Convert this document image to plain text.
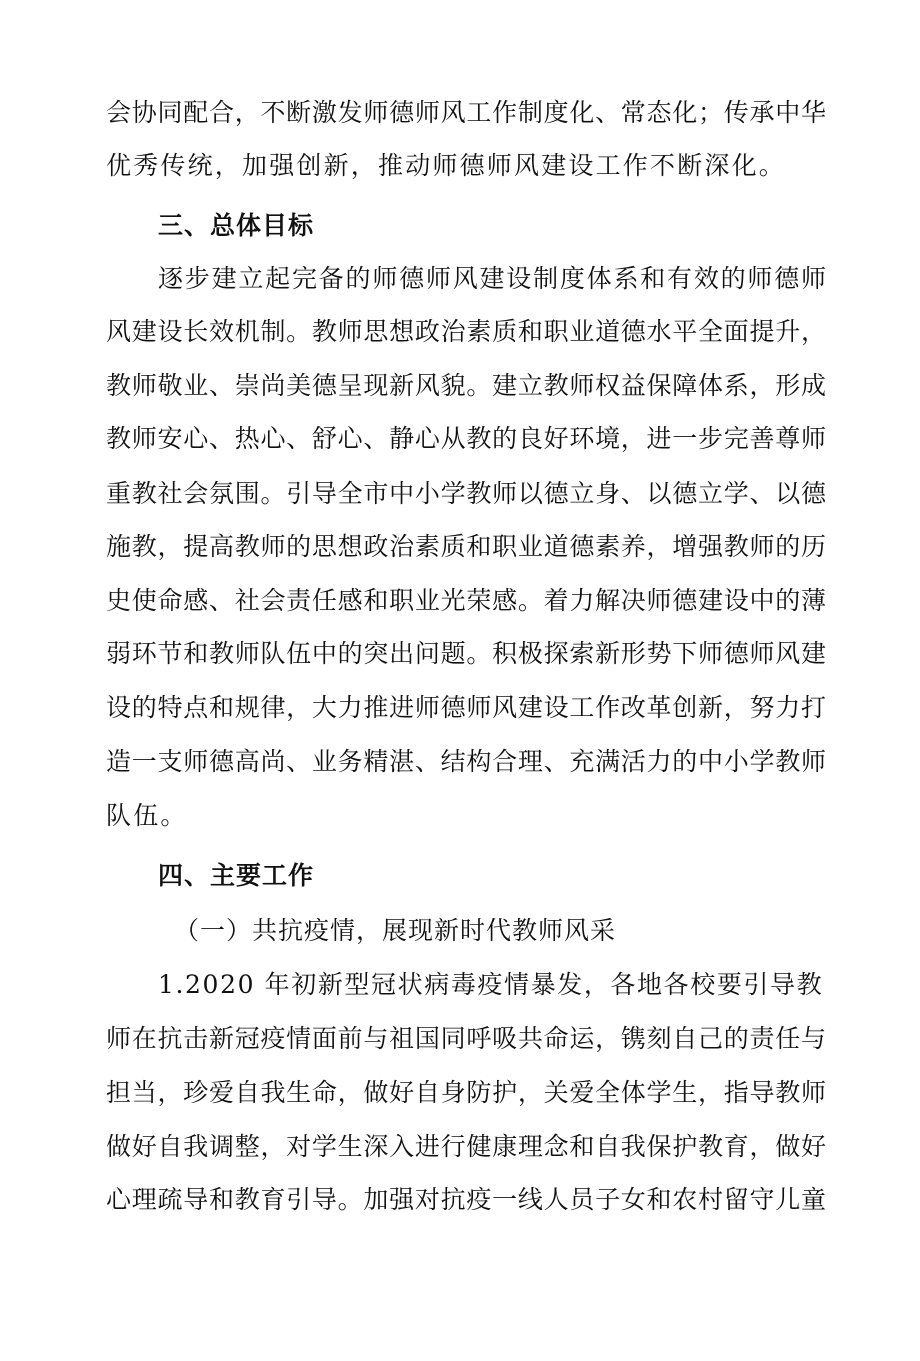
会协同配合，不断激发师德师风工作制度化、常态化；传承中华
优秀传统，加强创新，推动师德师风建设工作不断深化。
三、总体目标
逐步建立起完备的师德师风建设制度体系和有效的师德师
风建设长效机制。教师思想政治素质和职业道德水平全面提升，
教师敬业、崇尚美德呈现新风貌。建立教师权益保障体系，形成
教师安心、热心、舒心、静心从教的良好环境，进一步完善尊师
重教社会氛围。引导全市中小学教师以德立身、以德立学、以德
施教，提高教师的思想政治素质和职业道德素养，增强教师的历
史使命感、社会责任感和职业光荣感。着力解决师德建设中的薄
弱环节和教师队伍中的突出问题。积极探索新形势下师德师风建
设的特点和规律，大力推进师德师风建设工作改革创新，努力打
造一支师德高尚、业务精湛、结构合理、充满活力的中小学教师
队伍。
四、主要工作
（一）共抗疫情，展现新时代教师风采
1.2020 年初新型冠状病毒疫情暴发，各地各校要引导教
师在抗击新冠疫情面前与祖国同呼吸共命运，镌刻自己的责任与
担当，珍爱自我生命，做好自身防护，关爱全体学生，指导教师
做好自我调整，对学生深入进行健康理念和自我保护教育，做好
心理疏导和教育引导。加强对抗疫一线人员子女和农村留守儿童
